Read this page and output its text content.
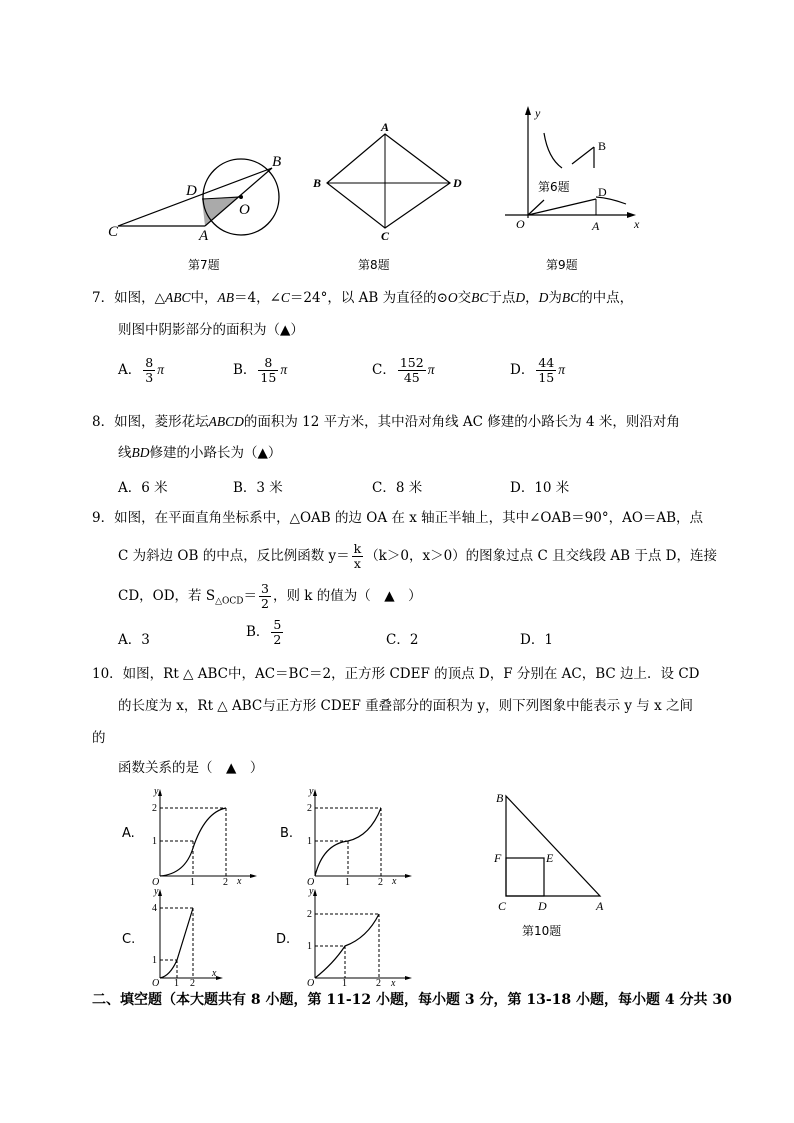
B
D
O
C	A
第7题
A
B
C
D
第8题
y
B
D
O	A	x
第6题
第9题
7．如图，△ABC中，AB＝4，∠C＝24°，以 AB 为直径的⊙O交BC于点D，D为BC的中点，
则图中阴影部分的面积为（▲）
A． $\frac{8}{3}$ π	B． $\frac{8}{15}$ π	C． $\frac{152}{45}$ π	D． $\frac{44}{15}$ π
8．如图，菱形花坛ABCD的面积为 12 平方米，其中沿对角线 AC 修建的小路长为 4 米，则沿对角
线BD修建的小路长为（▲）
A．6 米	B．3 米	C．8 米	D．10 米
9．如图，在平面直角坐标系中，△OAB 的边 OA 在 x 轴正半轴上，其中∠OAB＝90°，AO＝AB，点
C 为斜边 OB 的中点，反比例函数 $y= \frac{k}{x} (k>0$，x＞0）的图象过点 C 且交线段 AB 于点 D，连接
CD，OD，若 $S_{\triangle OCD}= \frac{3}{2}$ ，则 k 的值为（　▲　）
A．3	B． $\frac{5}{2}$	C．2	D．1
10．如图，Rt △ ABC中，AC＝BC＝2，正方形 CDEF 的顶点 D，F 分别在 AC，BC 边上．设 CD
的长度为 x，Rt △ ABC与正方形 CDEF 重叠部分的面积为 y，则下列图象中能表示 y 与 x 之间
的
函数关系的是（　▲　）
A.
y
2
1
O	1	2 x
B.
y
2
1
O	1	2 x
C.
y
4
1
O 1 2
x
D.
y
2
1
O	1	2 x
B
F	E
C	D	A
第10题
二、填空题（本大题共有 8 小题，第 11-12 小题，每小题 3 分，第 13-18 小题，每小题 4 分共 30
